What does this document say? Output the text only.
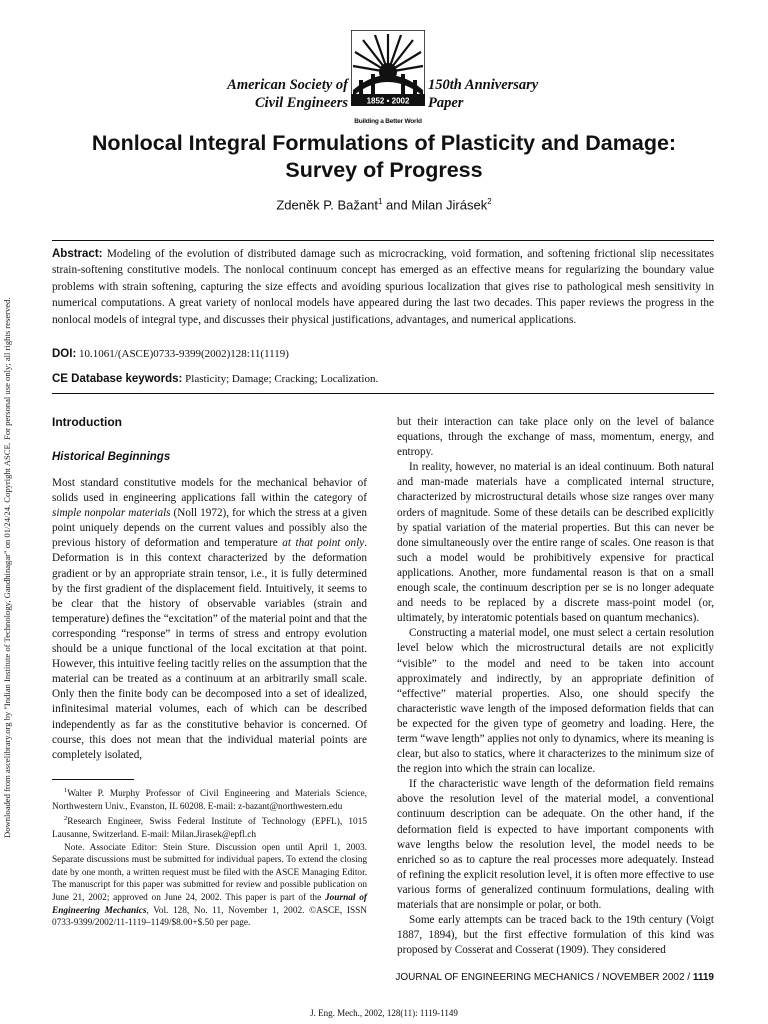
Downloaded from ascelibrary.org by "Indian Institute of Technology, Gandhinagar" on 01/24/24. Copyright ASCE. For personal use only; all rights reserved.
American Society of
Civil Engineers 1852 • 2002
Building a Better World
150th Anniversary
Paper
Nonlocal Integral Formulations of Plasticity and Damage:
Survey of Progress
Zdeněk P. Bažant$^1$ and Milan Jirásek$^2$
Abstract: Modeling of the evolution of distributed damage such as microcracking, void formation, and softening frictional slip necessitates strain-softening constitutive models. The nonlocal continuum concept has emerged as an effective means for regularizing the boundary value problems with strain softening, capturing the size effects and avoiding spurious localization that gives rise to pathological mesh sensitivity in numerical computations. A great variety of nonlocal models have appeared during the last two decades. This paper reviews the progress in the nonlocal models of integral type, and discusses their physical justifications, advantages, and numerical applications.
DOI: 10.1061/(ASCE)0733-9399(2002)128:11(1119)
CE Database keywords: Plasticity; Damage; Cracking; Localization.
Introduction
Historical Beginnings

Most standard constitutive models for the mechanical behavior of solids used in engineering applications fall within the category of simple nonpolar materials (Noll 1972), for which the stress at a given point uniquely depends on the current values and possibly also the previous history of deformation and temperature at that point only. Deformation is in this context characterized by the deformation gradient or by an appropriate strain tensor, i.e., it is fully determined by the first gradient of the displacement field. Intuitively, it seems to be clear that the history of observable variables (strain and temperature) defines the “excitation” of the material point and that the corresponding “response” in terms of stress and entropy evolution should be a unique functional of the local excitation at that point. However, this intuitive feeling tacitly relies on the assumption that the material can be treated as a continuum at an arbitrarily small scale. Only then the finite body can be decomposed into a set of idealized, infinitesimal material volumes, each of which can be described independently as far as the constitutive behavior is concerned. Of course, this does not mean that the individual material points are completely isolated,

$^1$Walter P. Murphy Professor of Civil Engineering and Materials Science, Northwestern Univ., Evanston, IL 60208. E-mail: z-bazant@northwestern.edu

$^2$Research Engineer, Swiss Federal Institute of Technology (EPFL), 1015 Lausanne, Switzerland. E-mail: Milan.Jirasek@epfl.ch

Note. Associate Editor: Stein Sture. Discussion open until April 1, 2003. Separate discussions must be submitted for individual papers. To extend the closing date by one month, a written request must be filed with the ASCE Managing Editor. The manuscript for this paper was submitted for review and possible publication on June 21, 2002; approved on June 24, 2002. This paper is part of the Journal of Engineering Mechanics, Vol. 128, No. 11, November 1, 2002. ©ASCE, ISSN 0733-9399/2002/11-1119–1149/$8.00+$.50 per page.

but their interaction can take place only on the level of balance equations, through the exchange of mass, momentum, energy, and entropy.

In reality, however, no material is an ideal continuum. Both natural and man-made materials have a complicated internal structure, characterized by microstructural details whose size ranges over many orders of magnitude. Some of these details can be described explicitly by spatial variation of the material properties. But this can never be done simultaneously over the entire range of scales. One reason is that such a model would be prohibitively expensive for practical applications. Another, more fundamental reason is that on a small enough scale, the continuum description per se is no longer adequate and needs to be replaced by a discrete mass-point model (or, ultimately, by interatomic potentials based on quantum mechanics).

Constructing a material model, one must select a certain resolution level below which the microstructural details are not explicitly “visible” to the model and need to be taken into account approximately and indirectly, by an appropriate definition of “effective” material properties. Also, one should specify the characteristic wave length of the imposed deformation fields that can be expected for the given type of geometry and loading. Here, the term “wave length” applies not only to dynamics, where its meaning is clear, but also to statics, where it characterizes to the minimum size of the region into which the strain can localize.

If the characteristic wave length of the deformation field remains above the resolution level of the material model, a conventional continuum description can be adequate. On the other hand, if the deformation field is expected to have important components with wave lengths below the resolution level, the model needs to be enriched so as to capture the real processes more adequately. Instead of refining the explicit resolution level, it is often more effective to use various forms of generalized continuum formulations, dealing with materials that are nonsimple or polar, or both.

Some early attempts can be traced back to the 19th century (Voigt 1887, 1894), but the first effective formulation of this kind was proposed by Cosserat and Cosserat (1909). They considered

JOURNAL OF ENGINEERING MECHANICS / NOVEMBER 2002 / 1119
J. Eng. Mech., 2002, 128(11): 1119-1149
